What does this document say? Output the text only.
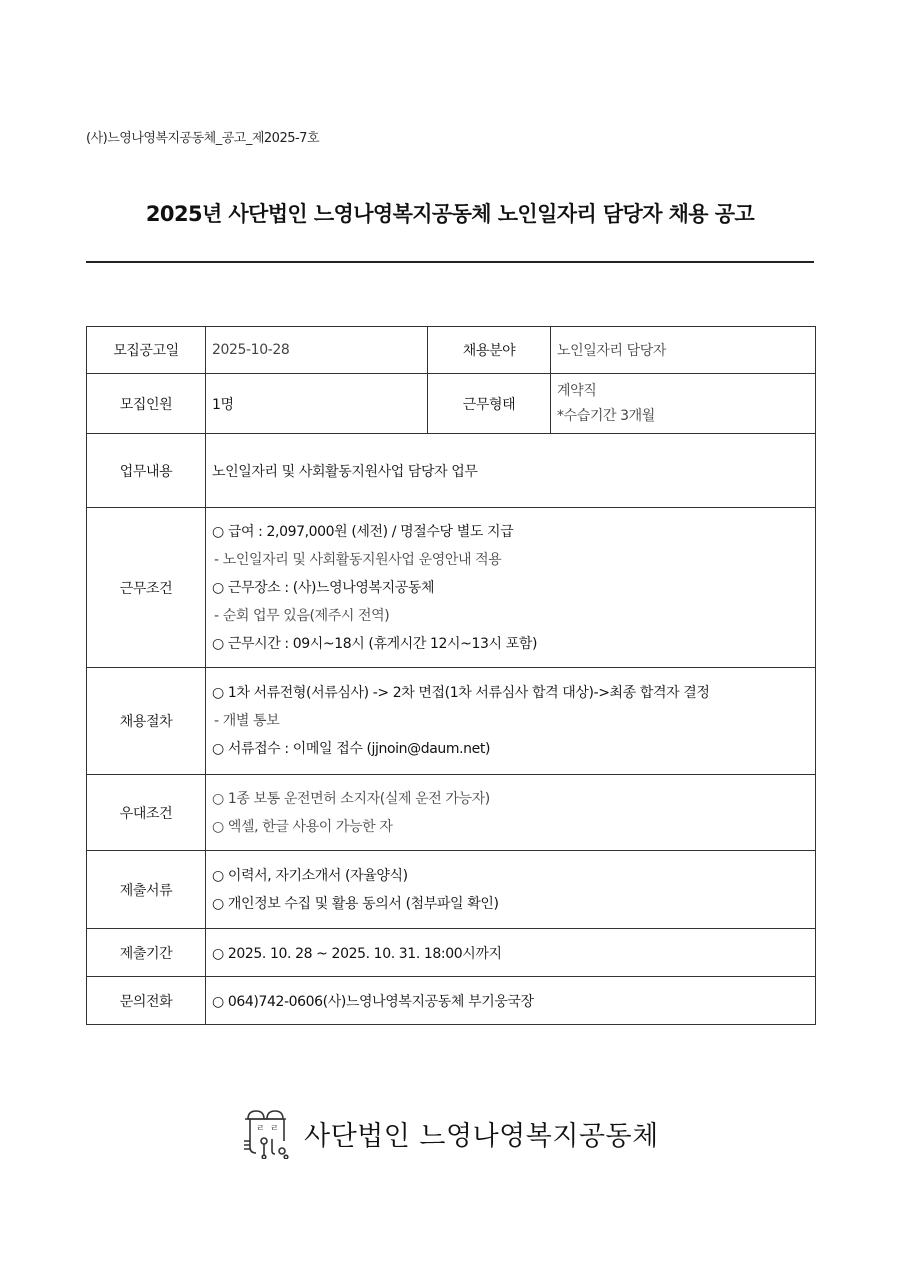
(사)느영나영복지공동체_공고_제2025-7호
2025년 사단법인 느영나영복지공동체 노인일자리 담당자 채용 공고
모집공고일	2025-10-28	채용분야	노인일자리 담당자
모집인원	1명	근무형태	계약직
*수습기간 3개월

업무내용	노인일자리 및 사회활동지원사업 담당자 업무		
근무조건	○ 급여 : 2,097,000원 (세전) / 명절수당 별도 지급
- 노인일자리 및 사회활동지원사업 운영안내 적용
○ 근무장소 : (사)느영나영복지공동체
- 순회 업무 있음(제주시 전역)
○ 근무시간 : 09시~18시 (휴게시간 12시~13시 포함)		

채용절차	○ 1차 서류전형(서류심사) -> 2차 면접(1차 서류심사 합격 대상)->최종 합격자 결정
- 개별 통보
○ 서류접수 : 이메일 접수 (jjnoin@daum.net)		

우대조건	○ 1종 보통 운전면허 소지자(실제 운전 가능자)
○ 엑셀, 한글 사용이 가능한 자		

제출서류	○ 이력서, 자기소개서 (자율양식)
○ 개인정보 수집 및 활용 동의서 (첨부파일 확인)		

제출기간	○ 2025. 10. 28 ~ 2025. 10. 31. 18:00시까지		
문의전화	○ 064)742-0606(사)느영나영복지공동체 부기웅국장		
ㄹ ㄹ 사단법인 느영나영복지공동체
